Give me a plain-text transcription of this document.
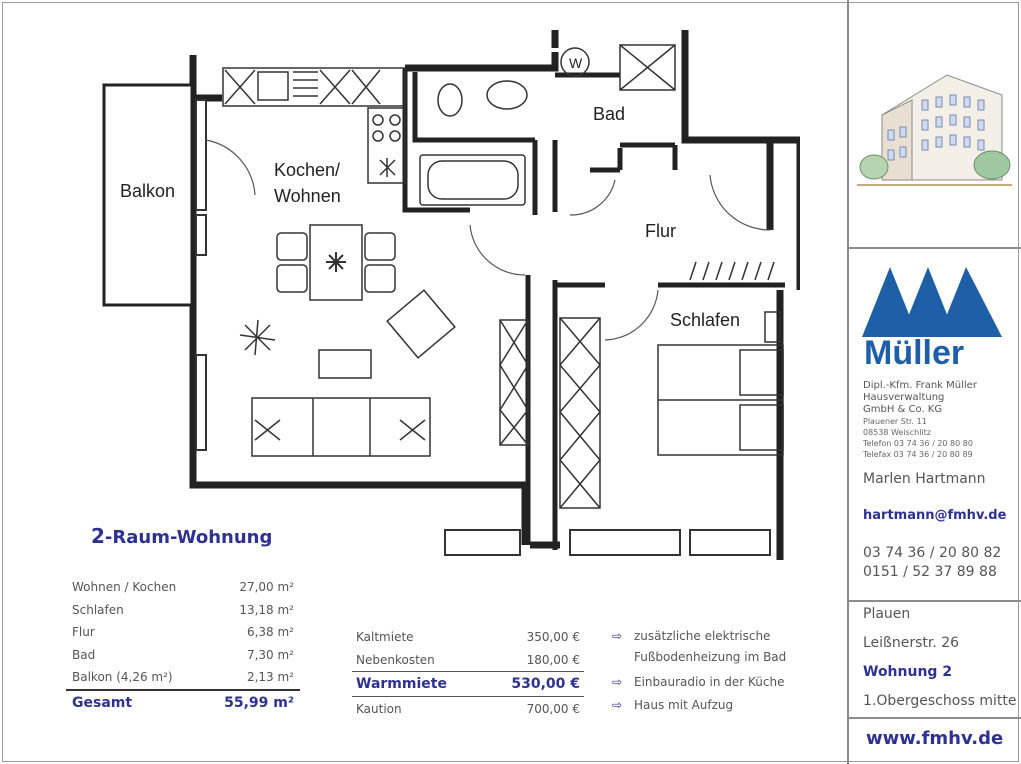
Kochen/
Wohnen
Bad
Flur
Schlafen
Balkon
W
2-Raum-Wohnung
Wohnen / Kochen	27,00 m²
Schlafen	13,18 m²
Flur	6,38 m²
Bad	7,30 m²
Balkon (4,26 m²)	2,13 m²
Gesamt	55,99 m²
Kaltmiete	350,00 €
Nebenkosten	180,00 €
Warmmiete	530,00 €
Kaution	700,00 €
⇨ zusätzliche elektrische
Fußbodenheizung im Bad
⇨ Einbauradio in der Küche
⇨ Haus mit Aufzug
Müller
Dipl.-Kfm. Frank Müller
Hausverwaltung
GmbH & Co. KG
Plauener Str. 11
08538 Weischlitz
Telefon 03 74 36 / 20 80 80
Telefax 03 74 36 / 20 80 89
Marlen Hartmann
hartmann@fmhv.de
03 74 36 / 20 80 82
0151 / 52 37 89 88
Plauen
Leißnerstr. 26
Wohnung 2
1.Obergeschoss mitte
www.fmhv.de
